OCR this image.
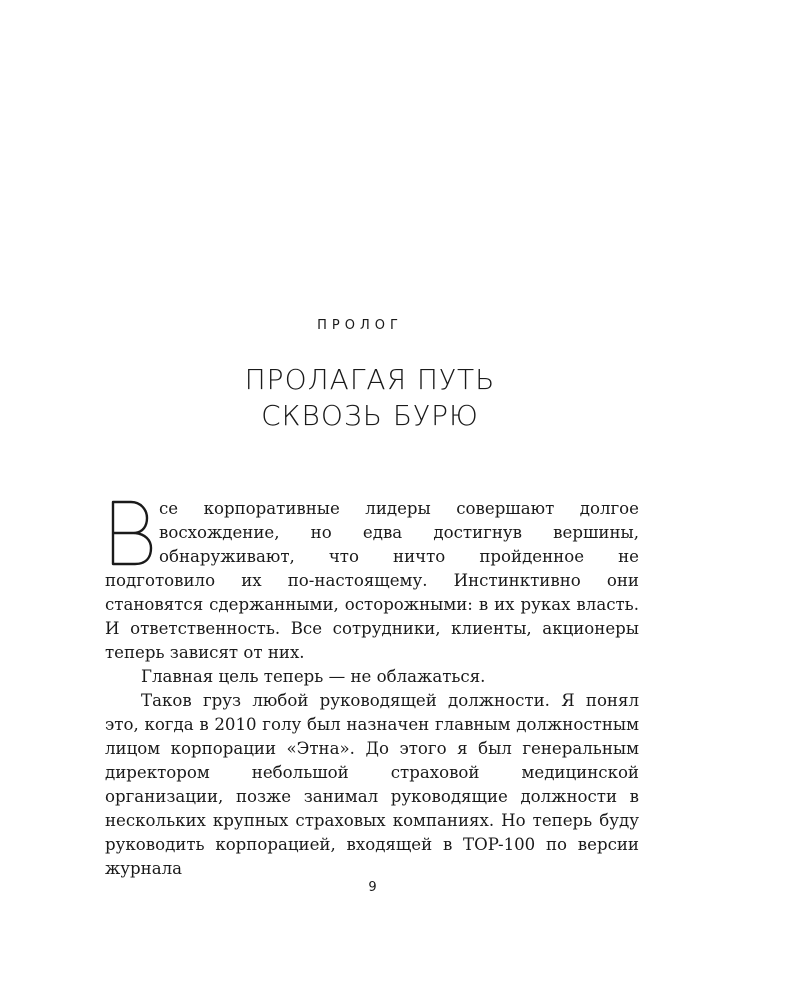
ПРОЛОГ
ПРОЛАГАЯ ПУТЬ
СКВОЗЬ БУРЮ

се корпоративные лидеры совершают долгое восхождение, но едва достигнув вершины, обнаруживают, что ничто пройденное не подготовило их по-настоящему. Инстинктивно они становятся сдержанными, осторожными: в их руках власть. И ответственность. Все сотрудники, клиенты, акционеры теперь зависят от них.

Главная цель теперь — не облажаться.

Таков груз любой руководящей должности. Я понял это, когда в 2010 голу был назначен главным должностным лицом корпорации «Этна». До этого я был генеральным директором небольшой страховой медицинской организации, позже занимал руководящие должности в нескольких крупных страховых компаниях. Но теперь буду руководить корпорацией, входящей в TOP-100 по версии журнала

9
